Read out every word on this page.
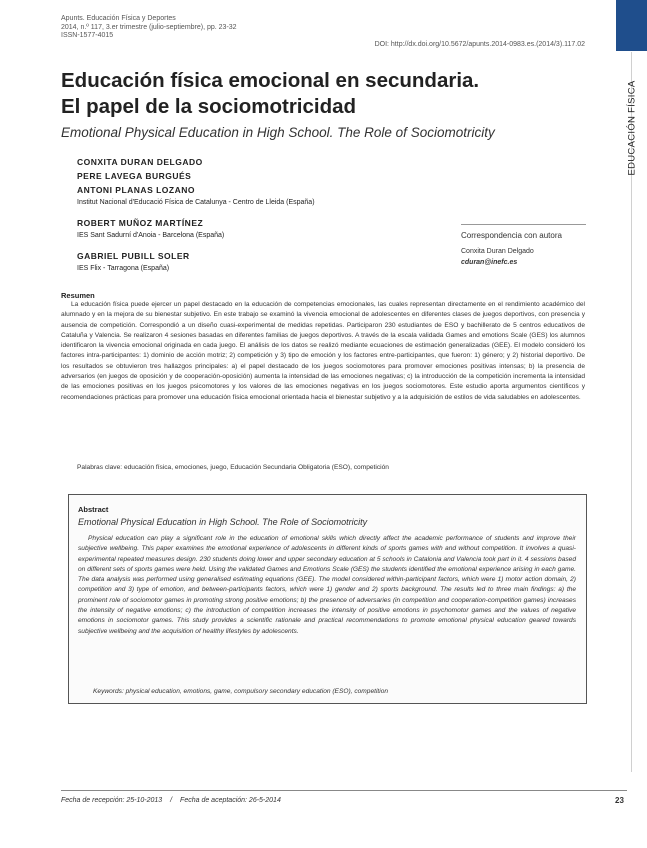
EDUCACIÓN FÍSICA
Apunts. Educación Física y Deportes
2014, n.º 117, 3.er trimestre (julio-septiembre), pp. 23-32
ISSN-1577-4015
DOI: http://dx.doi.org/10.5672/apunts.2014-0983.es.(2014/3).117.02
Educación física emocional en secundaria.
El papel de la sociomotricidad
Emotional Physical Education in High School. The Role of Sociomotricity
CONXITA DURAN DELGADO
PERE LAVEGA BURGUÉS
ANTONI PLANAS LOZANO
Institut Nacional d'Educació Física de Catalunya - Centro de Lleida (España)
ROBERT MUÑOZ MARTÍNEZ
IES Sant Sadurní d'Anoia - Barcelona (España)
GABRIEL PUBILL SOLER
IES Flix - Tarragona (España)
Correspondencia con autora
Conxita Duran Delgado
cduran@inefc.es
Resumen

La educación física puede ejercer un papel destacado en la educación de competencias emocionales, las cuales representan directamente en el rendimiento académico del alumnado y en la mejora de su bienestar subjetivo. En este trabajo se examinó la vivencia emocional de adolescentes en diferentes clases de juegos deportivos, con presencia y ausencia de competición. Correspondió a un diseño cuasi-experimental de medidas repetidas. Participaron 230 estudiantes de ESO y bachillerato de 5 centros educativos de Cataluña y Valencia. Se realizaron 4 sesiones basadas en diferentes familias de juegos deportivos. A través de la escala validada Games and emotions Scale (GES) los alumnos identificaron la vivencia emocional originada en cada juego. El análisis de los datos se realizó mediante ecuaciones de estimación generalizadas (GEE). El modelo consideró los factores intra-participantes: 1) dominio de acción motriz; 2) competición y 3) tipo de emoción y los factores entre-participantes, que fueron: 1) género; y 2) historial deportivo. De los resultados se obtuvieron tres hallazgos principales: a) el papel destacado de los juegos sociomotores para promover emociones positivas intensas; b) la presencia de adversarios (en juegos de oposición y de cooperación-oposición) aumenta la intensidad de las emociones negativas; c) la introducción de la competición incrementa la intensidad de las emociones positivas en los juegos psicomotores y los valores de las emociones negativas en los juegos sociomotores. Este estudio aporta argumentos científicos y recomendaciones prácticas para promover una educación física emocional orientada hacia el bienestar subjetivo y a la adquisición de estilos de vida saludables en adolescentes.

Palabras clave: educación física, emociones, juego, Educación Secundaria Obligatoria (ESO), competición
Abstract
Emotional Physical Education in High School. The Role of Sociomotricity

Physical education can play a significant role in the education of emotional skills which directly affect the academic performance of students and improve their subjective wellbeing. This paper examines the emotional experience of adolescents in different kinds of sports games with and without competition. It involves a quasi-experimental repeated measures design. 230 students doing lower and upper secondary education at 5 schools in Catalonia and Valencia took part in it. 4 sessions based on different sets of sports games were held. Using the validated Games and Emotions Scale (GES) the students identified the emotional experience arising in each game. The data analysis was performed using generalised estimating equations (GEE). The model considered within-participant factors, which were 1) motor action domain, 2) competition and 3) type of emotion, and between-participants factors, which were 1) gender and 2) sports background. The results led to three main findings: a) the prominent role of sociomotor games in promoting strong positive emotions; b) the presence of adversaries (in competition and cooperation-competition games) increases the intensity of negative emotions; c) the introduction of competition increases the intensity of positive emotions in psychomotor games and the values of negative emotions in sociomotor games. This study provides a scientific rationale and practical recommendations to promote emotional physical education geared towards subjective wellbeing and the acquisition of healthy lifestyles by adolescents.

Keywords: physical education, emotions, game, compulsory secondary education (ESO), competition
Fecha de recepción: 25-10-2013 / Fecha de aceptación: 26-5-2014	23
